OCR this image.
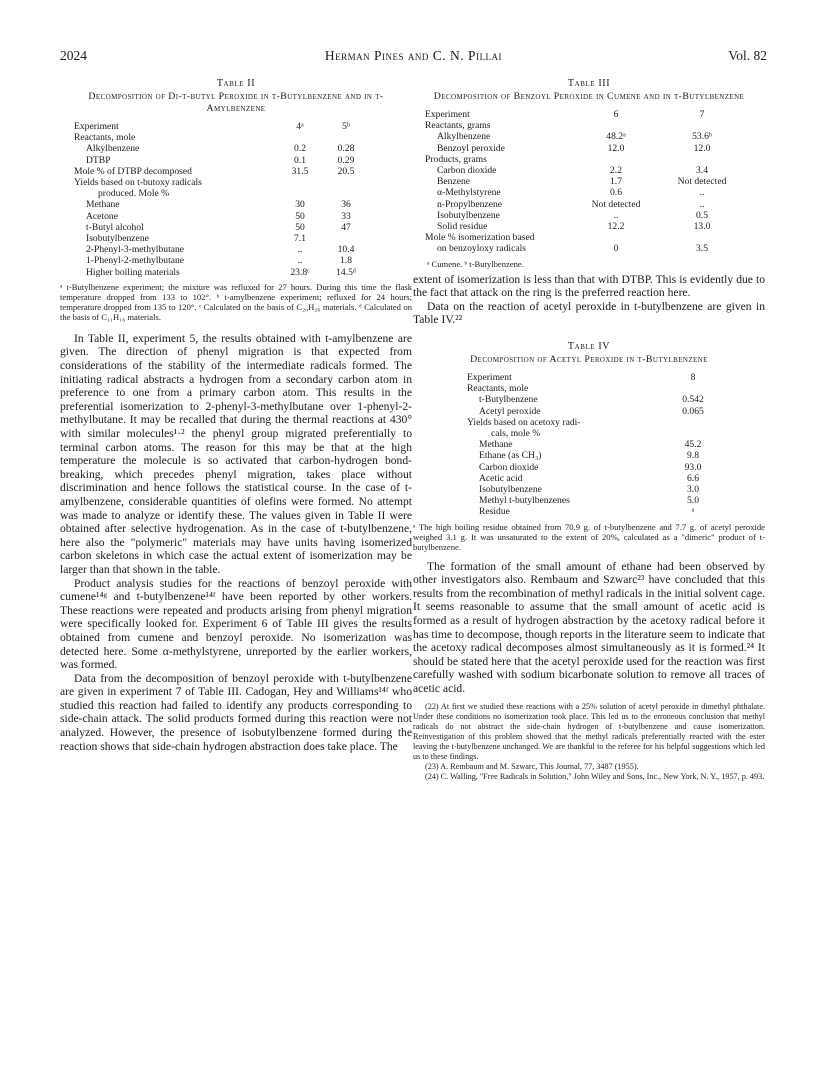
2024	Herman Pines and C. N. Pillai	Vol. 82
Table II
Decomposition of Di-t-butyl Peroxide in t-Butylbenzene and in t-Amylbenzene
Experiment	4ᵃ	5ᵇ
Reactants, mole		
Alkylbenzene	0.2	0.28
DTBP	0.1	0.29
Mole % of DTBP decomposed	31.5	20.5
Yields based on t-butoxy radicals		
produced. Mole %		
Methane	30	36
Acetone	50	33
t-Butyl alcohol	50	47
Isobutylbenzene	7.1	
2-Phenyl-3-methylbutane	..	10.4
1-Phenyl-2-methylbutane	..	1.8
Higher boiling materials	23.8ᶜ	14.5ᵈ
ᵃ t-Butylbenzene experiment; the mixture was refluxed for 27 hours. During this time the flask temperature dropped from 133 to 102°. ᵇ t-amylbenzene experiment; refluxed for 24 hours; temperature dropped from 135 to 120°. ᶜ Calculated on the basis of C₂₀H₂₆ materials. ᵈ Calculated on the basis of C₁₁H₁₆ materials.

In Table II, experiment 5, the results obtained with t-amylbenzene are given. The direction of phenyl migration is that expected from considerations of the stability of the intermediate radicals formed. The initiating radical abstracts a hydrogen from a secondary carbon atom in preference to one from a primary carbon atom. This results in the preferential isomerization to 2-phenyl-3-methylbutane over 1-phenyl-2-methylbutane. It may be recalled that during the thermal reactions at 430° with similar molecules¹·² the phenyl group migrated preferentially to terminal carbon atoms. The reason for this may be that at the high temperature the molecule is so activated that carbon-hydrogen bond-breaking, which precedes phenyl migration, takes place without discrimination and hence follows the statistical course. In the case of t-amylbenzene, considerable quantities of olefins were formed. No attempt was made to analyze or identify these. The values given in Table II were obtained after selective hydrogenation. As in the case of t-butylbenzene, here also the "polymeric" materials may have units having isomerized carbon skeletons in which case the actual extent of isomerization may be larger than that shown in the table.

Product analysis studies for the reactions of benzoyl peroxide with cumene¹⁴ᵍ and t-butylbenzene¹⁴ᶠ have been reported by other workers. These reactions were repeated and products arising from phenyl migration were specifically looked for. Experiment 6 of Table III gives the results obtained from cumene and benzoyl peroxide. No isomerization was detected here. Some α-methylstyrene, unreported by the earlier workers, was formed.

Data from the decomposition of benzoyl peroxide with t-butylbenzene are given in experiment 7 of Table III. Cadogan, Hey and Williams¹⁴ᶠ who studied this reaction had failed to identify any products corresponding to side-chain attack. The solid products formed during this reaction were not analyzed. However, the presence of isobutylbenzene formed during the reaction shows that side-chain hydrogen abstraction does take place. The

Table III
Decomposition of Benzoyl Peroxide in Cumene and in t-Butylbenzene
Experiment	6	7
Reactants, grams		
Alkylbenzene	48.2ᵃ	53.6ᵇ
Benzoyl peroxide	12.0	12.0
Products, grams		
Carbon dioxide	2.2	3.4
Benzene	1.7	Not detected
α-Methylstyrene	0.6	..
n-Propylbenzene	Not detected	..
Isobutylbenzene	..	0.5
Solid residue	12.2	13.0
Mole % isomerization based		
on benzoyloxy radicals	0	3.5
ᵃ Cumene. ᵇ t-Butylbenzene.

extent of isomerization is less than that with DTBP. This is evidently due to the fact that attack on the ring is the preferred reaction here.

Data on the reaction of acetyl peroxide in t-butylbenzene are given in Table IV.²²

Table IV
Decomposition of Acetyl Peroxide in t-Butylbenzene
Experiment	8
Reactants, mole	
t-Butylbenzene	0.542
Acetyl peroxide	0.065
Yields based on acetoxy radi-	
cals, mole %	
Methane	45.2
Ethane (as CH₃)	9.8
Carbon dioxide	93.0
Acetic acid	6.6
Isobutylbenzene	3.0
Methyl t-butylbenzenes	5.0
Residue	ᵃ
ᵃ The high boiling residue obtained from 70.9 g. of t-butylbenzene and 7.7 g. of acetyl peroxide weighed 3.1 g. It was unsaturated to the extent of 20%, calculated as a "dimeric" product of t-butylbenzene.

The formation of the small amount of ethane had been observed by other investigators also. Rembaum and Szwarc²³ have concluded that this results from the recombination of methyl radicals in the initial solvent cage. It seems reasonable to assume that the small amount of acetic acid is formed as a result of hydrogen abstraction by the acetoxy radical before it has time to decompose, though reports in the literature seem to indicate that the acetoxy radical decomposes almost simultaneously as it is formed.²⁴ It should be stated here that the acetyl peroxide used for the reaction was first carefully washed with sodium bicarbonate solution to remove all traces of acetic acid.

(22) At first we studied these reactions with a 25% solution of acetyl peroxide in dimethyl phthalate. Under these conditions no isomerization took place. This led us to the erroneous conclusion that methyl radicals do not abstract the side-chain hydrogen of t-butylbenzene and cause isomerization. Reinvestigation of this problem showed that the methyl radicals preferentially reacted with the ester leaving the t-butylbenzene unchanged. We are thankful to the referee for his helpful suggestions which led us to these findings.

(23) A. Rembaum and M. Szwarc, This Journal, 77, 3487 (1955).

(24) C. Walling, "Free Radicals in Solution," John Wiley and Sons, Inc., New York, N. Y., 1957, p. 493.
